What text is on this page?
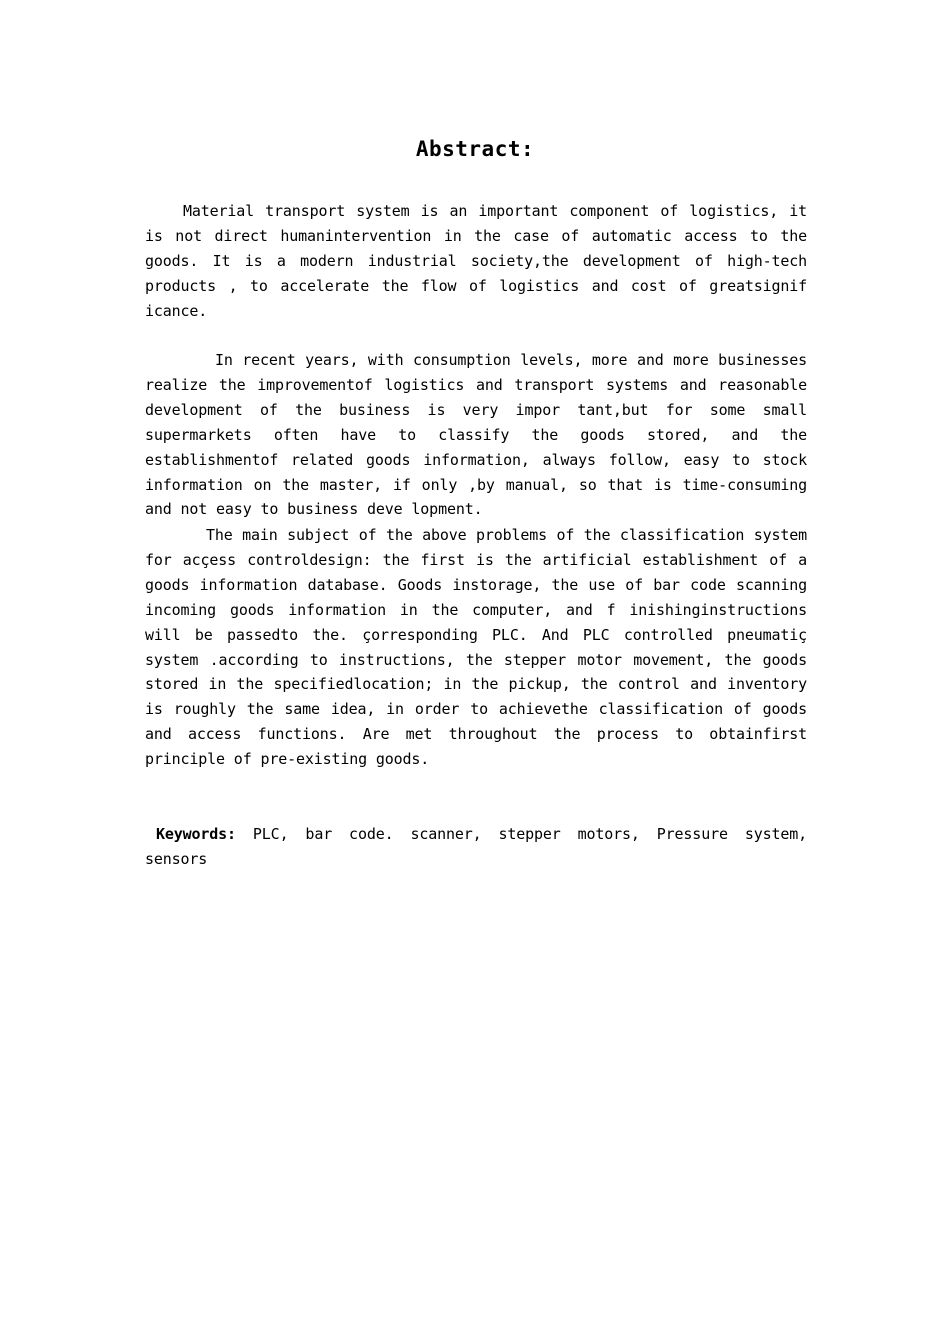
Abstract:

Material transport system is an important component of logistics, it is not direct humanintervention in the case of automatic access to the goods. It is a modern industrial society,the development of high-tech products , to accelerate the flow of logistics and cost of greatsignif icance.

In recent years, with consumption levels, more and more businesses realize the improvementof logistics and transport systems and reasonable development of the business is very impor tant,but for some small supermarkets often have to classify the goods stored, and the establishmentof related goods information, always follow, easy to stock information on the master, if only ,by manual, so that is time-consuming and not easy to business deve lopment.

The main subject of the above problems of the classification system for acçess controldesign: the first is the artificial establishment of a goods information database. Goods instorage, the use of bar code scanning incoming goods information in the computer, and f inishinginstructions will be passedto the. çorresponding PLC. And PLC controlled pneumatiç system .according to instructions, the stepper motor movement, the goods stored in the specifiedlocation; in the pickup, the control and inventory is roughly the same idea, in order to achievethe classification of goods and access functions. Are met throughout the process to obtainfirst principle of pre-existing goods.

Keywords: PLC, bar code. scanner, stepper motors, Pressure system, sensors
